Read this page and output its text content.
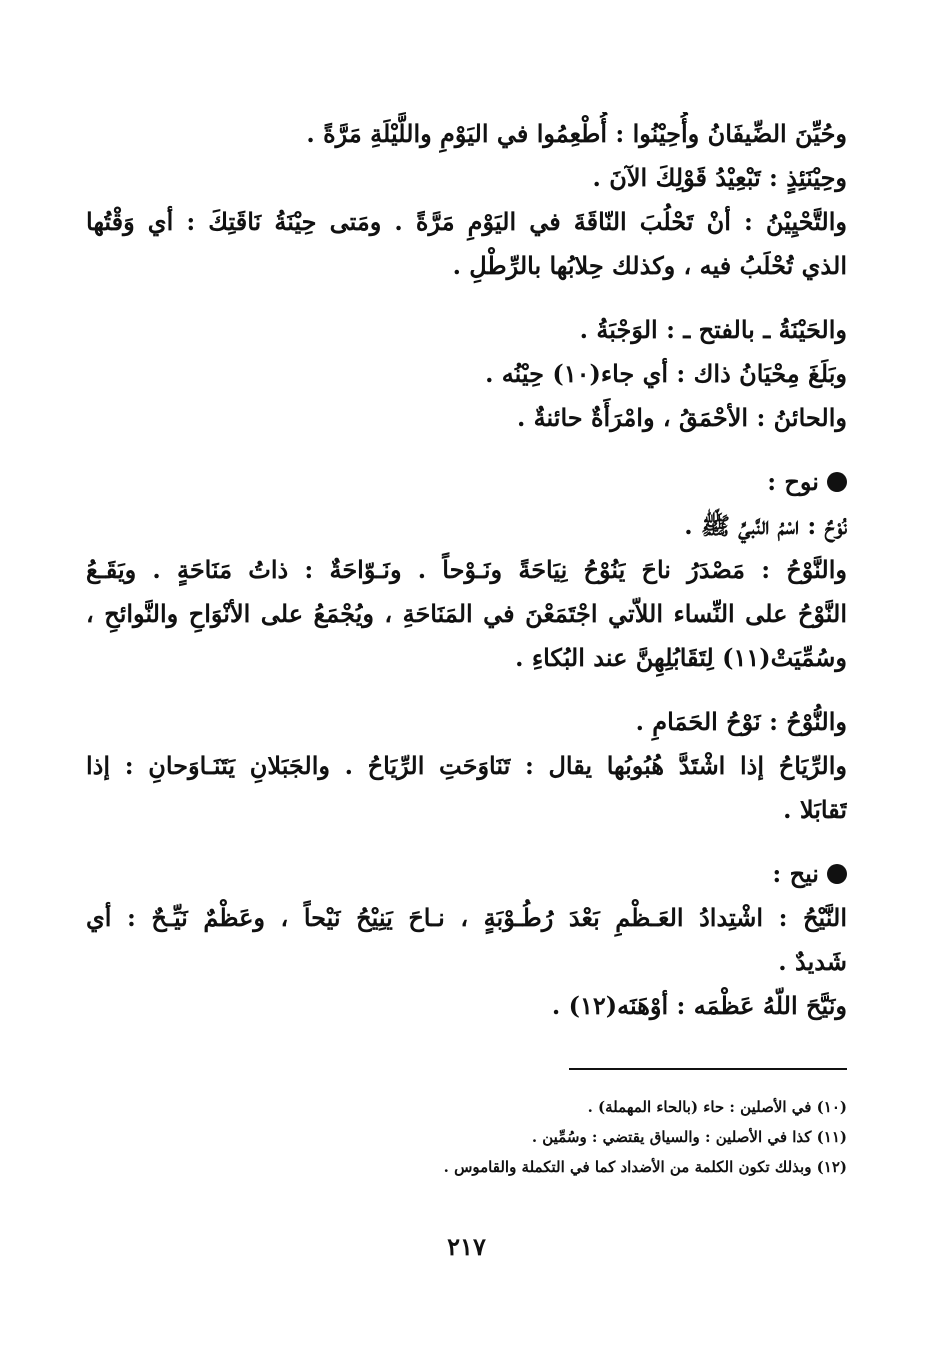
وحُيِّنَ الضِّيفَانُ وأُحِيْنُوا : أُطْعِمُوا في اليَوْمِ واللَّيْلَةِ مَرَّةً .
وحِيْنَئِذٍ : تَبْعِيْدُ قَوْلِكَ الآنَ .
والتَّحْيِيْنُ : أنْ تَحْلُبَ النّاقَةَ في اليَوْمِ مَرَّةً . ومَتى حِيْنَةُ نَاقَتِكَ : أي وَقْتُها
الذي تُحْلَبُ فيه ، وكذلك حِلابُها بالرِّطْلِ .
والحَيْنَةُ ـ بالفتح ـ : الوَجْبَةُ .
وبَلَغَ مِحْيَانُ ذاك : أي جاء(١٠) حِيْنُه .
والحائنُ : الأحْمَقُ ، وامْرَأَةٌ حائنةٌ .
نوح :
نُوْحٌ : اسْمُ النَّبيِّ ﷺ .
والنَّوْحُ : مَصْدَرُ ناحَ يَنُوْحُ نِيَاحَةً ونَـوْحاً . ونَـوّاحَةٌ : ذاتُ مَنَاحَةٍ . ويَقَـعُ
النَّوْحُ على النِّساء اللاّتي اجْتَمَعْنَ في المَنَاحَةِ ، ويُجْمَعُ على الأنْوَاحِ والنَّوائحِ ،
وسُمِّيَتْ(١١) لِتَقَابُلِهِنَّ عند البُكاءِ .
والنُّوْحُ : نَوْحُ الحَمَامِ .
والرِّيَاحُ إذا اشْتَدَّ هُبُوبُها يقال : تَنَاوَحَتِ الرِّيَاحُ . والجَبَلانِ يَتَنَـاوَحانِ : إذا
تَقابَلا .
نيح :
النَّيْحُ : اشْتِدادُ العَـظْمِ بَعْدَ رُطُـوْبَةٍ ، نـاحَ يَنِيْحُ نَيْحاً ، وعَظْمٌ نَيِّـحٌ : أي
شَديدٌ .
ونَيَّحَ اللّهُ عَظْمَه : أوْهَنَه(١٢) .
(١٠) في الأصلين : حاء (بالحاء المهملة) .
(١١) كذا في الأصلين : والسياق يقتضي : وسُمِّين .
(١٢) وبذلك تكون الكلمة من الأضداد كما في التكملة والقاموس .
٢١٧
